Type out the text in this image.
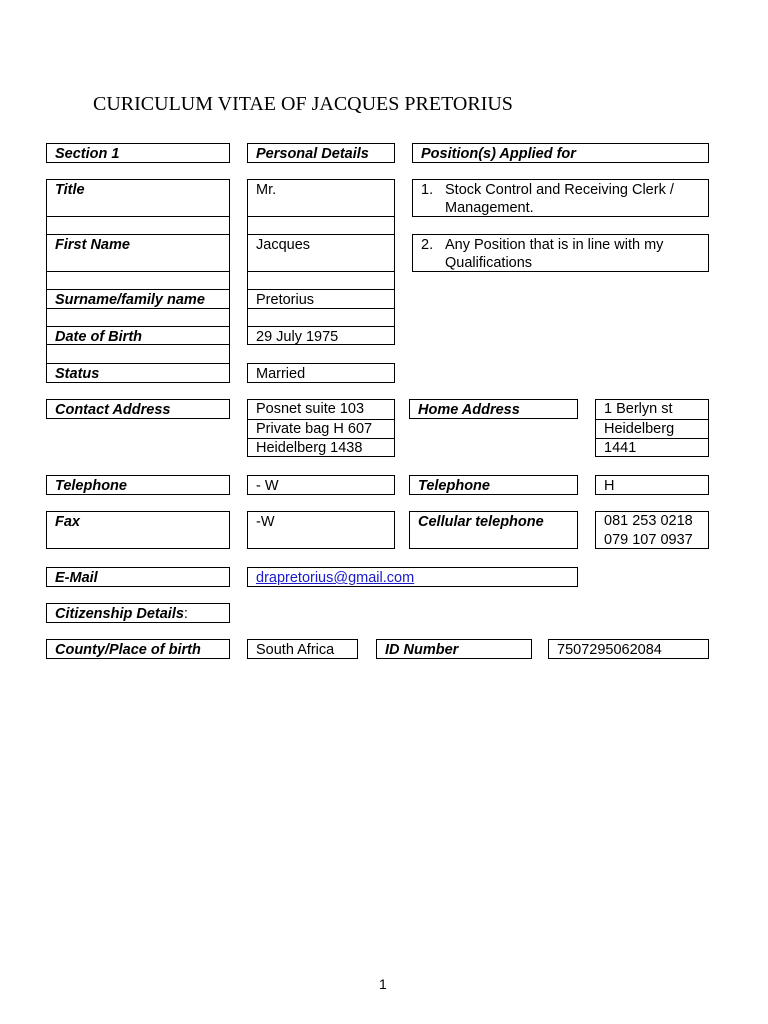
CURICULUM VITAE OF JACQUES PRETORIUS
Section 1	Personal Details	Position(s) Applied for
Title	Mr.	1. Stock Control and Receiving Clerk /
Management.
First Name	Jacques	2. Any Position that is in line with my
Qualifications
Surname/family name	Pretorius
Date of Birth	29 July 1975
Status	Married
Contact Address	Posnet suite 103
Private bag H 607
Heidelberg 1438
Home Address	1 Berlyn st
Heidelberg
1441
Telephone	- W	Telephone	H
Fax	-W	Cellular telephone	081 253 0218
079 107 0937
E-Mail	drapretorius@gmail.com
Citizenship Details:
County/Place of birth	South Africa	ID Number	7507295062084
1
